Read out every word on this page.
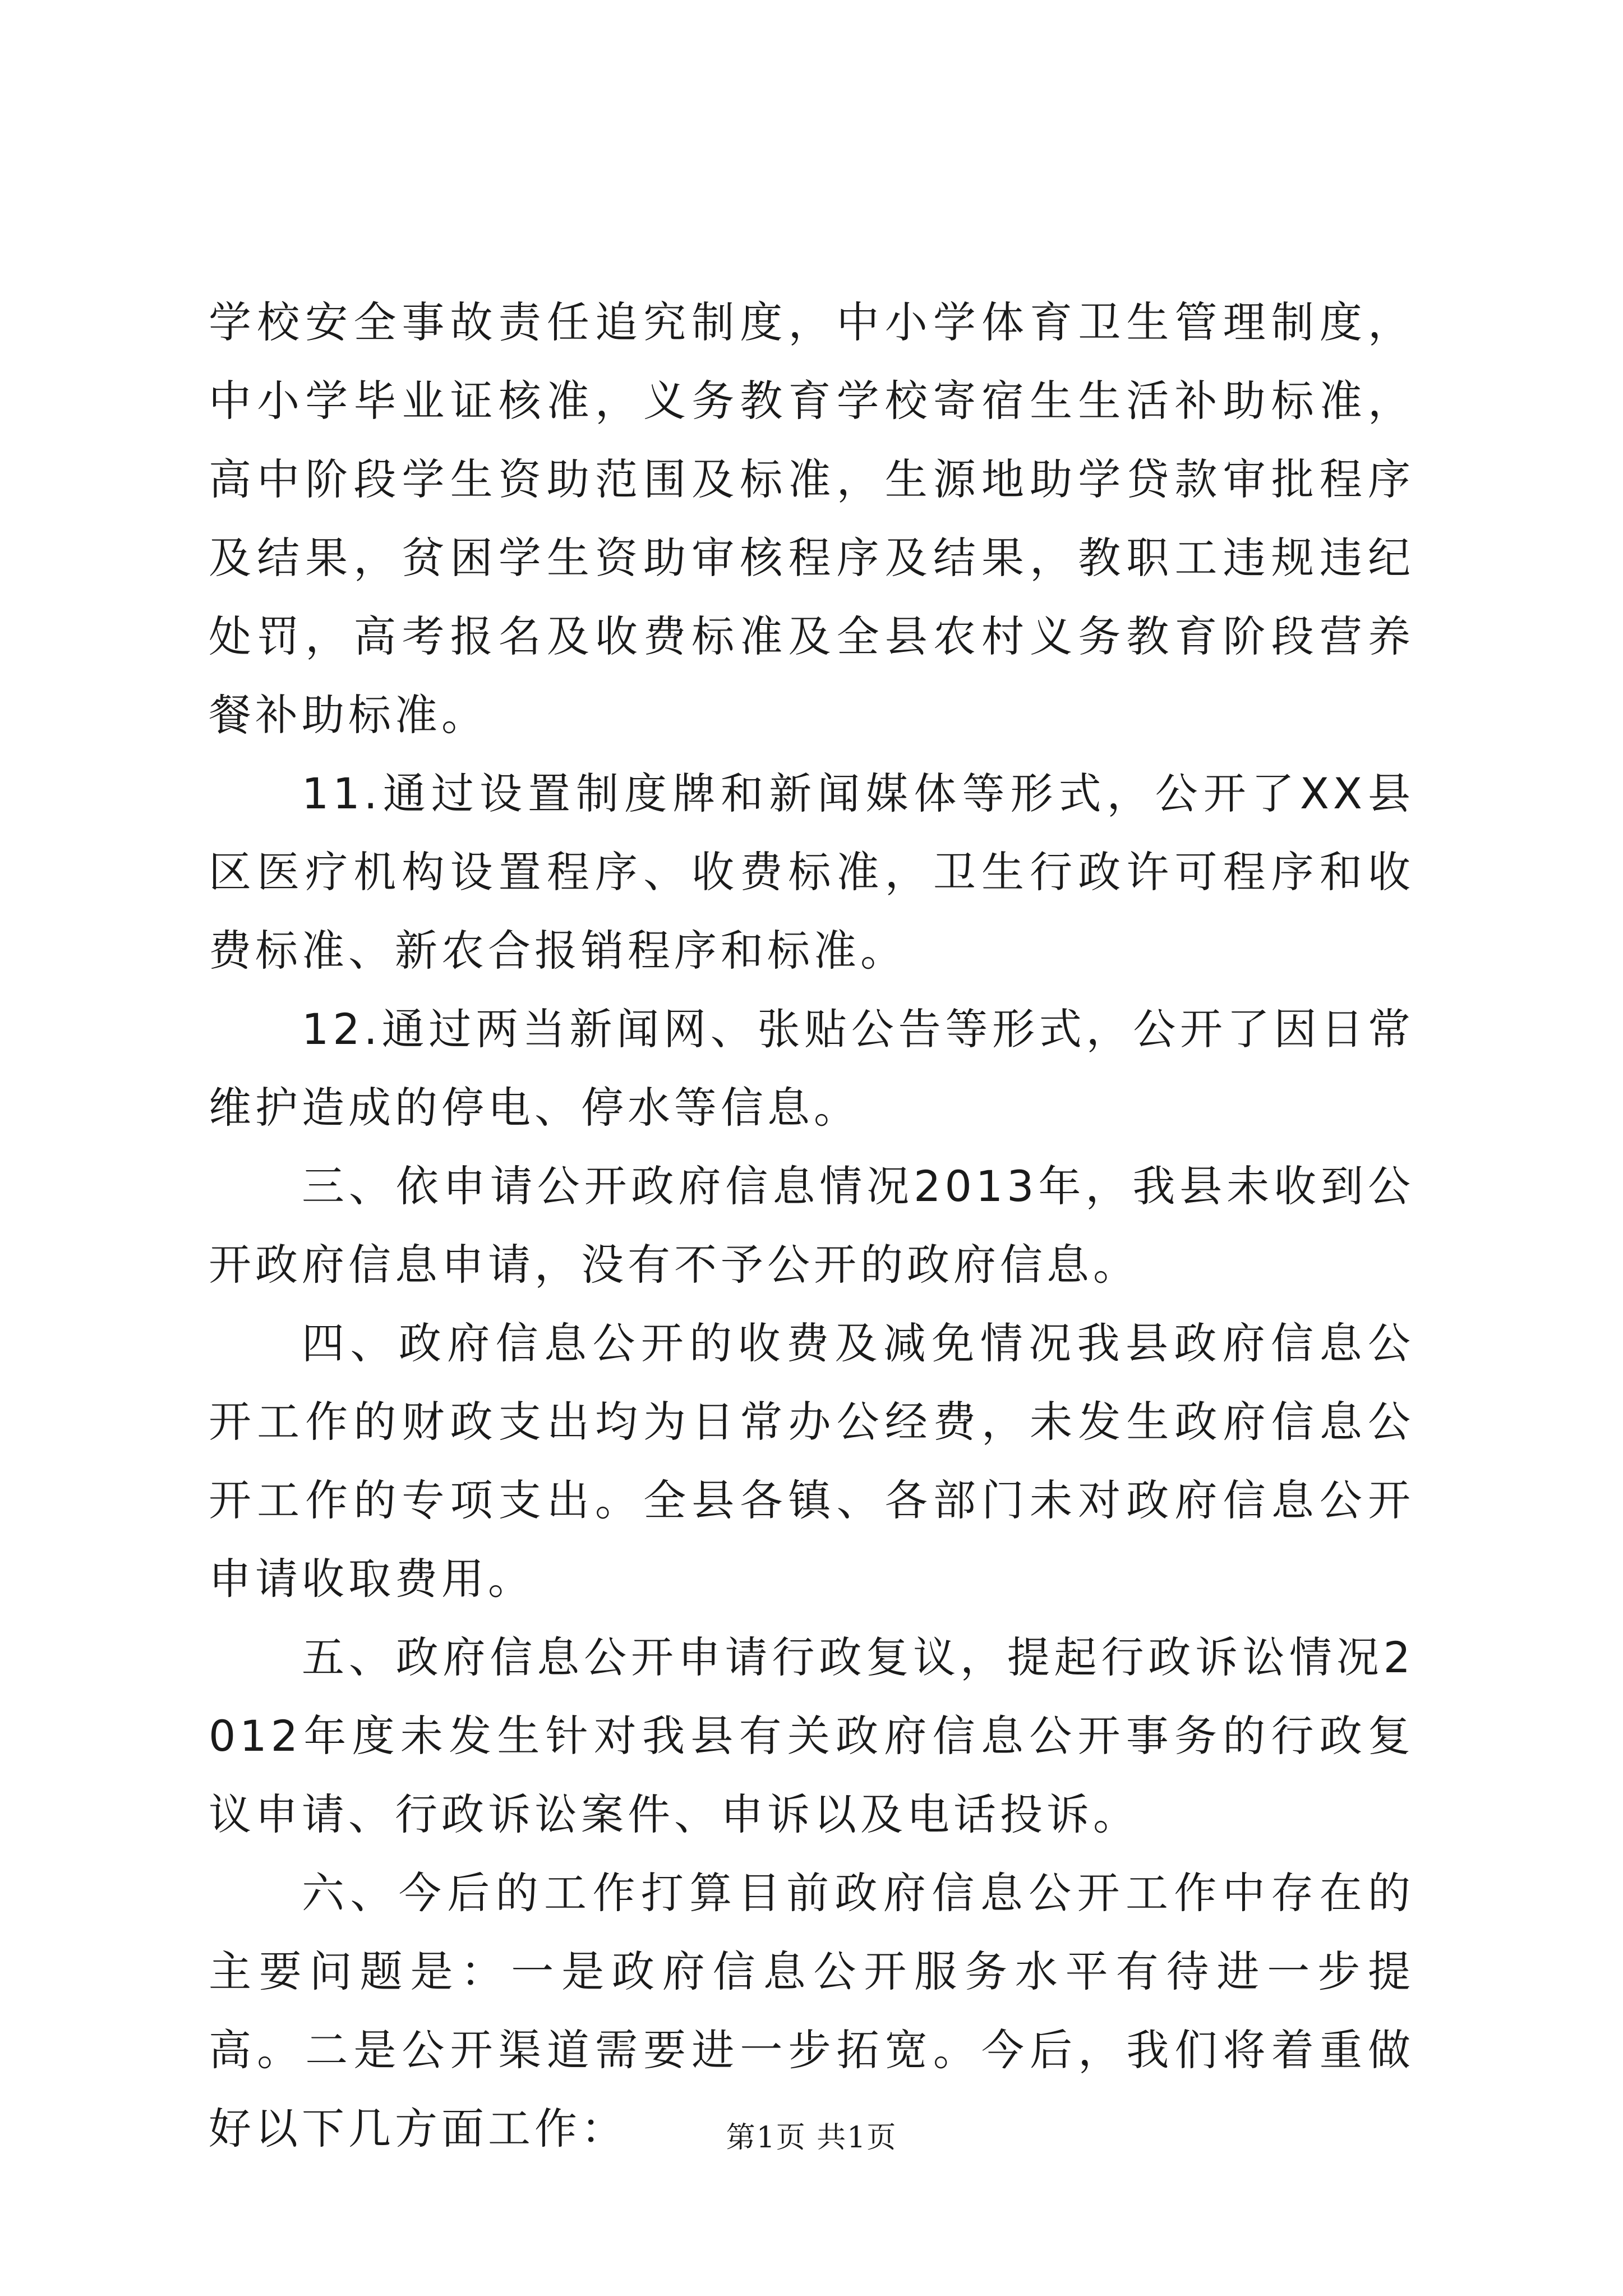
学校安全事故责任追究制度，中小学体育卫生管理制度，中小学毕业证核准，义务教育学校寄宿生生活补助标准，高中阶段学生资助范围及标准，生源地助学贷款审批程序及结果，贫困学生资助审核程序及结果，教职工违规违纪处罚，高考报名及收费标准及全县农村义务教育阶段营养餐补助标准。

11.通过设置制度牌和新闻媒体等形式，公开了XX县区医疗机构设置程序、收费标准，卫生行政许可程序和收费标准、新农合报销程序和标准。

12.通过两当新闻网、张贴公告等形式，公开了因日常维护造成的停电、停水等信息。

三、依申请公开政府信息情况2013年，我县未收到公开政府信息申请，没有不予公开的政府信息。

四、政府信息公开的收费及减免情况我县政府信息公开工作的财政支出均为日常办公经费，未发生政府信息公开工作的专项支出。全县各镇、各部门未对政府信息公开申请收取费用。

五、政府信息公开申请行政复议，提起行政诉讼情况2012年度未发生针对我县有关政府信息公开事务的行政复议申请、行政诉讼案件、申诉以及电话投诉。

六、今后的工作打算目前政府信息公开工作中存在的主要问题是：一是政府信息公开服务水平有待进一步提高。二是公开渠道需要进一步拓宽。今后，我们将着重做好以下几方面工作：	第1页 共1页
